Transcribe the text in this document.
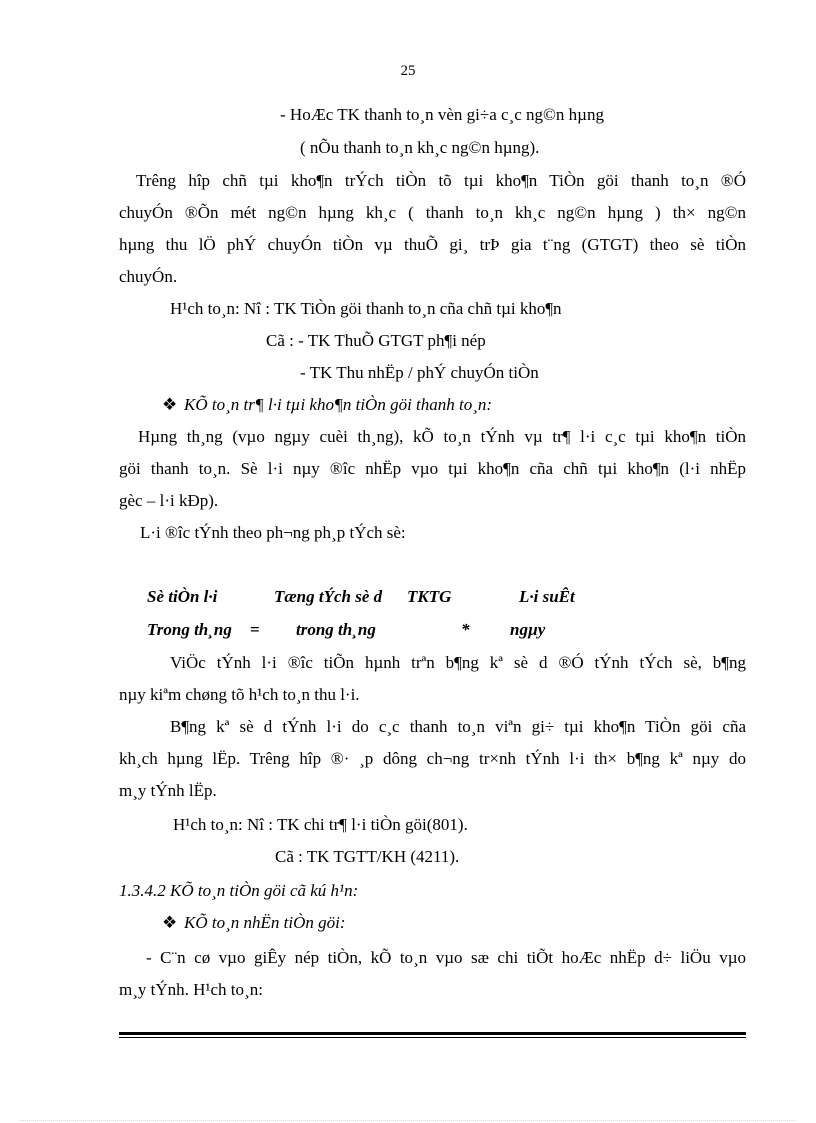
25
- HoÆc TK thanh to¸n vèn gi÷a c¸c ng©n hµng
( nÕu thanh to¸n kh¸c ng©n hµng).
Trêng hîp chñ tµi kho¶n trÝch tiÒn tõ tµi kho¶n TiÒn göi thanh to¸n ®Ó
chuyÓn ®Õn mét ng©n hµng kh¸c ( thanh to¸n kh¸c ng©n hµng ) th× ng©n
hµng thu lÖ phÝ chuyÓn tiÒn vµ thuÕ gi¸ trÞ gia t¨ng (GTGT) theo sè tiÒn
chuyÓn.
H¹ch to¸n: Nî : TK TiÒn göi thanh to¸n cña chñ tµi kho¶n
Cã : - TK ThuÕ GTGT ph¶i nép
- TK Thu nhËp / phÝ chuyÓn tiÒn
❖ KÕ to¸n tr¶ l·i tµi kho¶n tiÒn göi thanh to¸n:
Hµng th¸ng (vµo ngµy cuèi th¸ng), kÕ to¸n tÝnh vµ tr¶ l·i c¸c tµi kho¶n tiÒn
göi thanh to¸n. Sè l·i nµy ®îc nhËp vµo tµi kho¶n cña chñ tµi kho¶n (l·i nhËp
gèc – l·i kÐp).
L·i ®îc tÝnh theo ph¬ng ph¸p tÝch sè:
Sè tiÒn l·i	Tæng tÝch sè d TKTG	L·i suÊt
Trong th¸ng = trong th¸ng	* ngµy
ViÖc tÝnh l·i ®îc tiÕn hµnh trªn b¶ng kª sè d ®Ó tÝnh tÝch sè, b¶ng
nµy kiªm chøng tõ h¹ch to¸n thu l·i.
B¶ng kª sè d tÝnh l·i do c¸c thanh to¸n viªn gi÷ tµi kho¶n TiÒn göi cña
kh¸ch hµng lËp. Trêng hîp ®· ¸p dông ch¬ng tr×nh tÝnh l·i th× b¶ng kª nµy do
m¸y tÝnh lËp.
H¹ch to¸n: Nî : TK chi tr¶ l·i tiÒn göi(801).
Cã : TK TGTT/KH (4211).
1.3.4.2 KÕ to¸n tiÒn göi cã kú h¹n:
❖ KÕ to¸n nhËn tiÒn göi:
- C¨n cø vµo giÊy nép tiÒn, kÕ to¸n vµo sæ chi tiÕt hoÆc nhËp d÷ liÖu vµo
m¸y tÝnh. H¹ch to¸n:
